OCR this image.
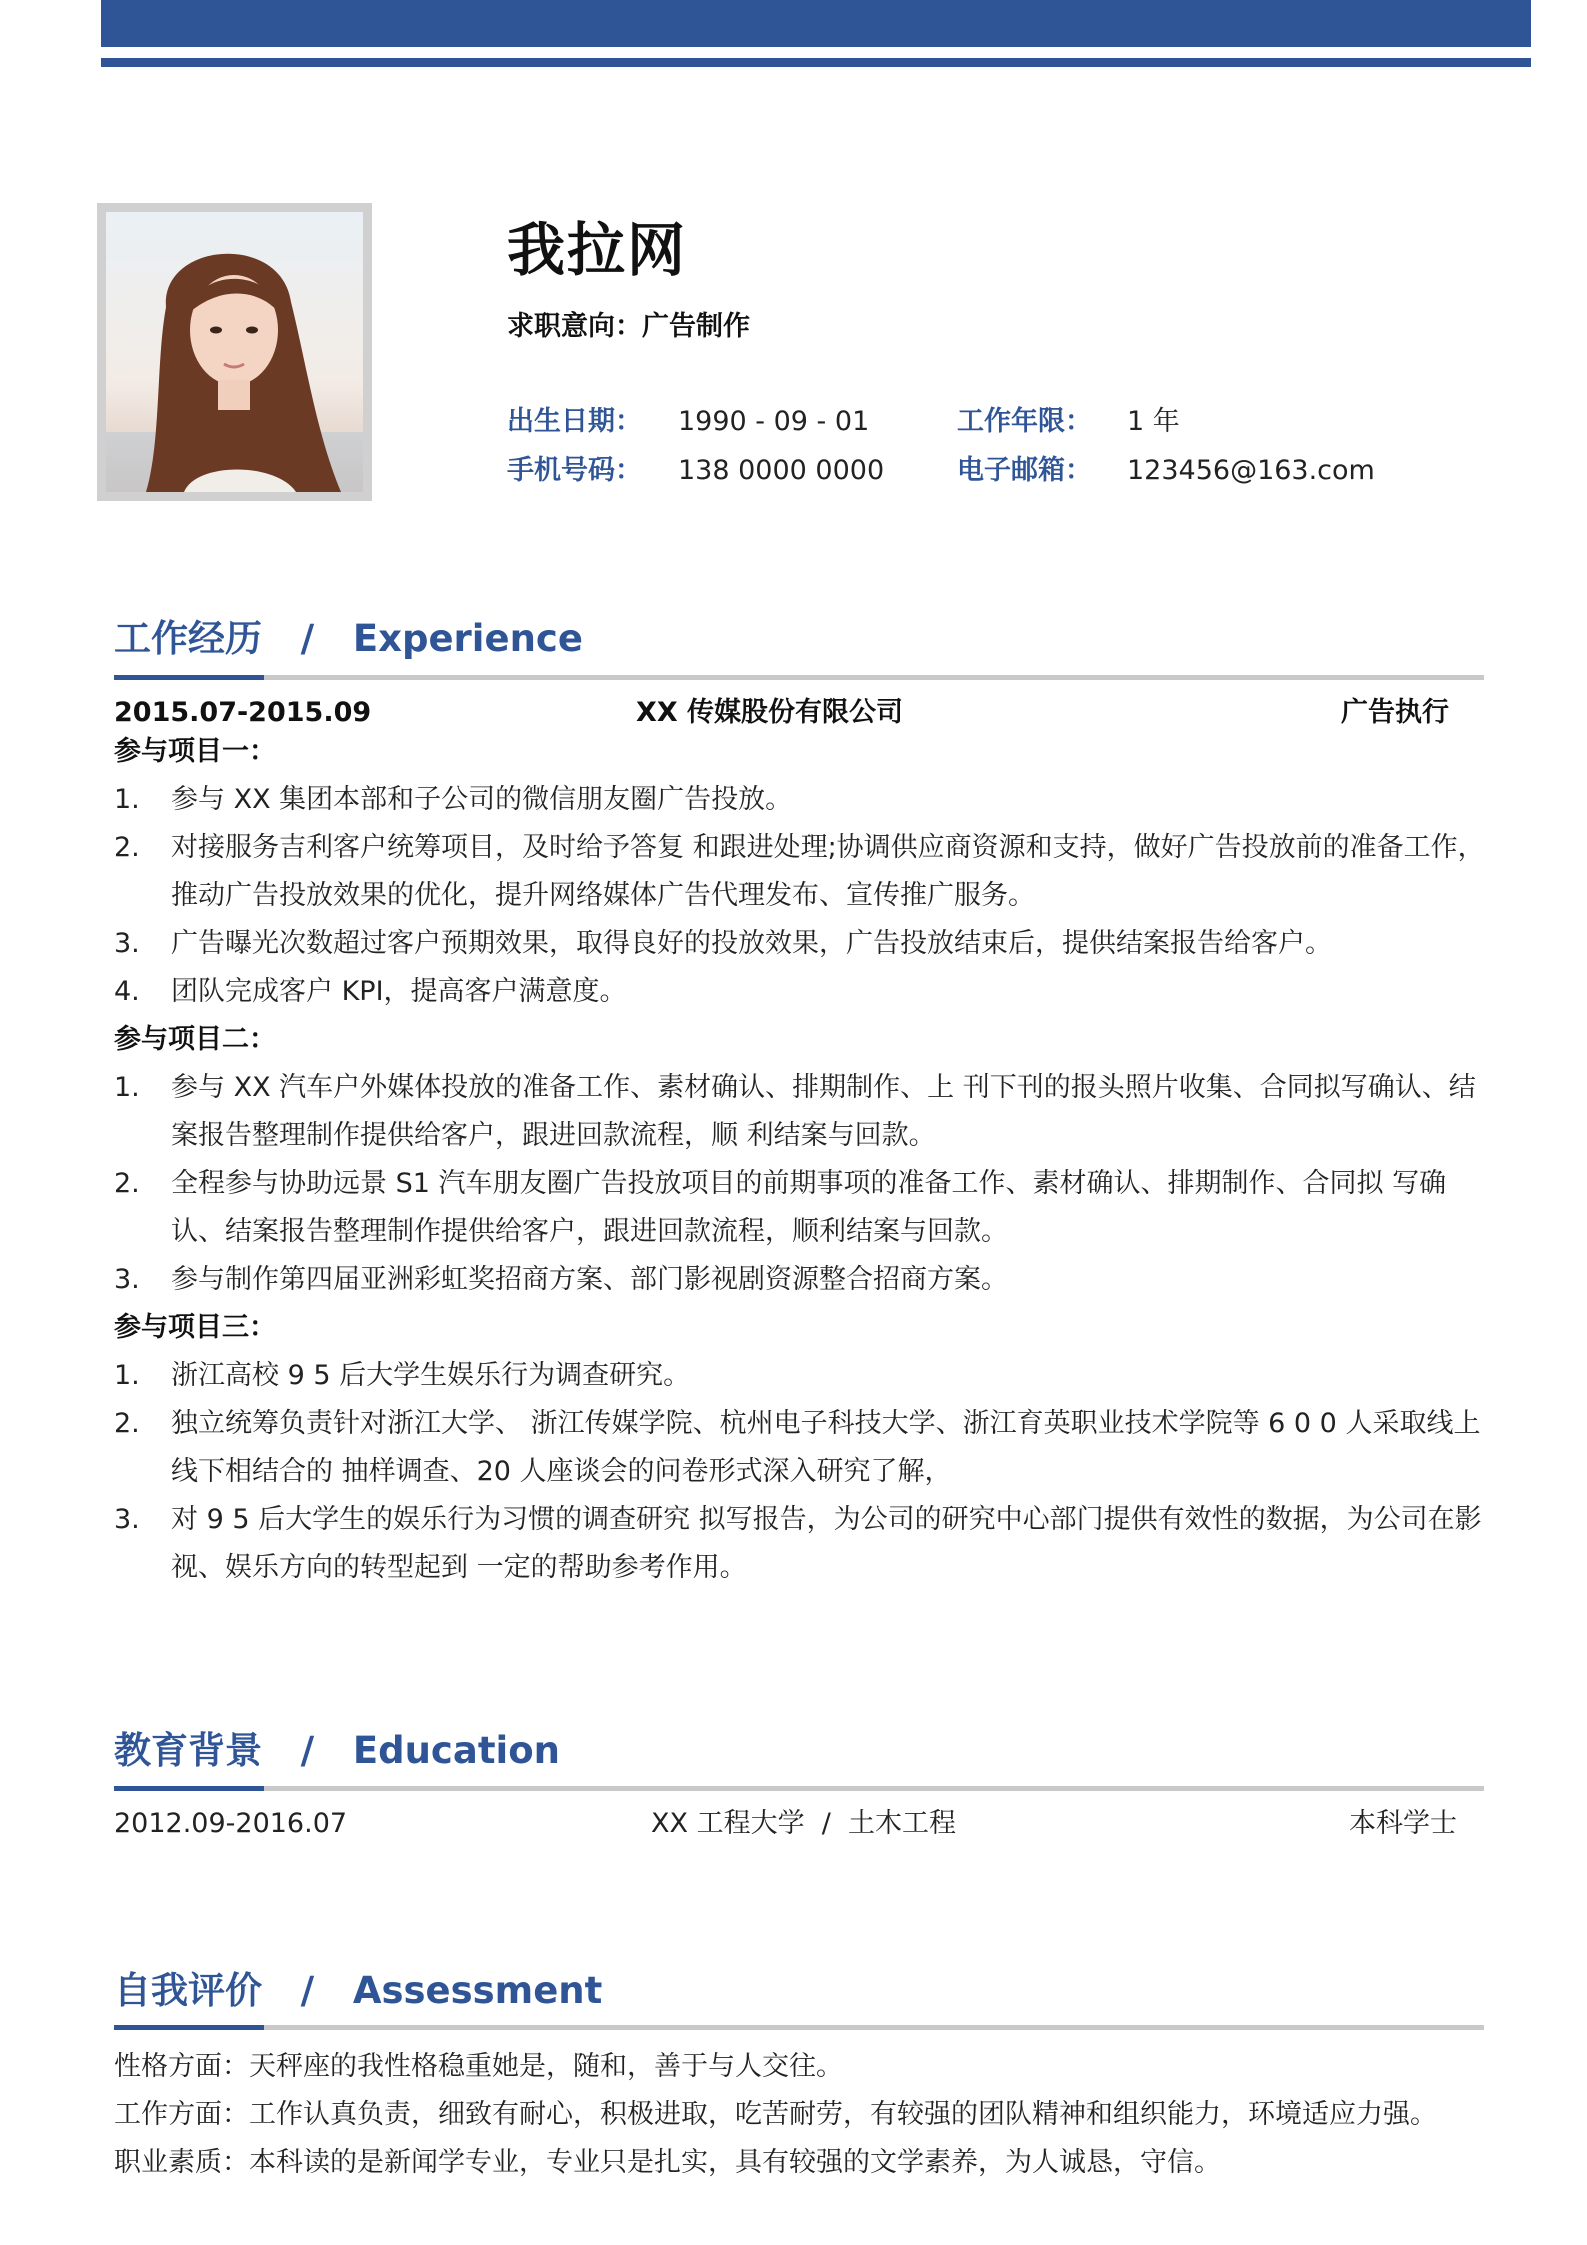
我拉网
求职意向：广告制作
出生日期： 1990 - 09 - 01	工作年限： 1 年
手机号码： 138 0000 0000	电子邮箱： 123456@163.com
工作经历 / Experience
2015.07-2015.09	XX 传媒股份有限公司	广告执行
参与项目一：
1.	参与 XX 集团本部和子公司的微信朋友圈广告投放。
2.	对接服务吉利客户统筹项目，及时给予答复 和跟进处理;协调供应商资源和支持，做好广告投放前的准备工作，推动广告投放效果的优化，提升网络媒体广告代理发布、宣传推广服务。
3.	广告曝光次数超过客户预期效果，取得良好的投放效果，广告投放结束后，提供结案报告给客户。
4.	团队完成客户 KPI，提高客户满意度。
参与项目二：
1.	参与 XX 汽车户外媒体投放的准备工作、素材确认、排期制作、上 刊下刊的报头照片收集、合同拟写确认、结案报告整理制作提供给客户，跟进回款流程，顺 利结案与回款。
2.	全程参与协助远景 S1 汽车朋友圈广告投放项目的前期事项的准备工作、素材确认、排期制作、合同拟 写确认、结案报告整理制作提供给客户，跟进回款流程，顺利结案与回款。
3.	参与制作第四届亚洲彩虹奖招商方案、部门影视剧资源整合招商方案。
参与项目三：
1.	浙江高校 9 5 后大学生娱乐行为调查研究。
2.	独立统筹负责针对浙江大学、 浙江传媒学院、杭州电子科技大学、浙江育英职业技术学院等 6 0 0 人采取线上线下相结合的 抽样调查、20 人座谈会的问卷形式深入研究了解，
3.	对 9 5 后大学生的娱乐行为习惯的调查研究 拟写报告，为公司的研究中心部门提供有效性的数据，为公司在影视、娱乐方向的转型起到 一定的帮助参考作用。
教育背景 / Education
2012.09-2016.07	XX 工程大学  /  土木工程	本科学士
自我评价 / Assessment
性格方面：天秤座的我性格稳重她是，随和，善于与人交往。
工作方面：工作认真负责，细致有耐心，积极进取，吃苦耐劳，有较强的团队精神和组织能力，环境适应力强。
职业素质：本科读的是新闻学专业，专业只是扎实，具有较强的文学素养，为人诚恳，守信。
